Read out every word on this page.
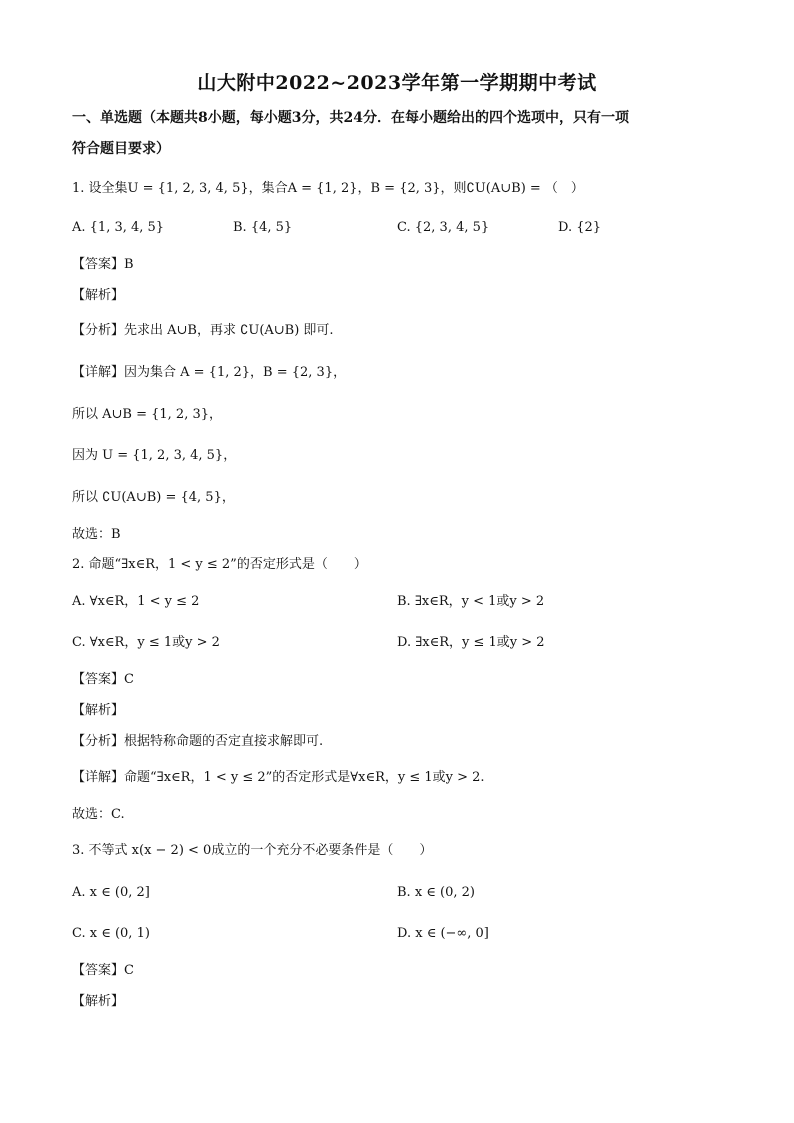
山大附中2022~2023学年第一学期期中考试
一、单选题（本题共8小题，每小题3分，共24分．在每小题给出的四个选项中，只有一项
符合题目要求）
1. 设全集U = {1, 2, 3, 4, 5}，集合A = {1, 2}，B = {2, 3}，则∁U(A∪B) = （　）
A. {1, 3, 4, 5}	B. {4, 5}	C. {2, 3, 4, 5}	D. {2}
【答案】B
【解析】
【分析】先求出 A∪B，再求 ∁U(A∪B) 即可.
【详解】因为集合 A = {1, 2}，B = {2, 3}，
所以 A∪B = {1, 2, 3}，
因为 U = {1, 2, 3, 4, 5}，
所以 ∁U(A∪B) = {4, 5}，
故选：B
2. 命题“∃x∈R，1 < y ≤ 2”的否定形式是（　　）
A. ∀x∈R，1 < y ≤ 2	B. ∃x∈R，y < 1或y > 2
C. ∀x∈R，y ≤ 1或y > 2	D. ∃x∈R，y ≤ 1或y > 2
【答案】C
【解析】
【分析】根据特称命题的否定直接求解即可.
【详解】命题“∃x∈R，1 < y ≤ 2”的否定形式是∀x∈R，y ≤ 1或y > 2.
故选：C.
3. 不等式 x(x − 2) < 0成立的一个充分不必要条件是（　　）
A. x ∈ (0, 2]	B. x ∈ (0, 2)
C. x ∈ (0, 1)	D. x ∈ (−∞, 0]
【答案】C
【解析】
